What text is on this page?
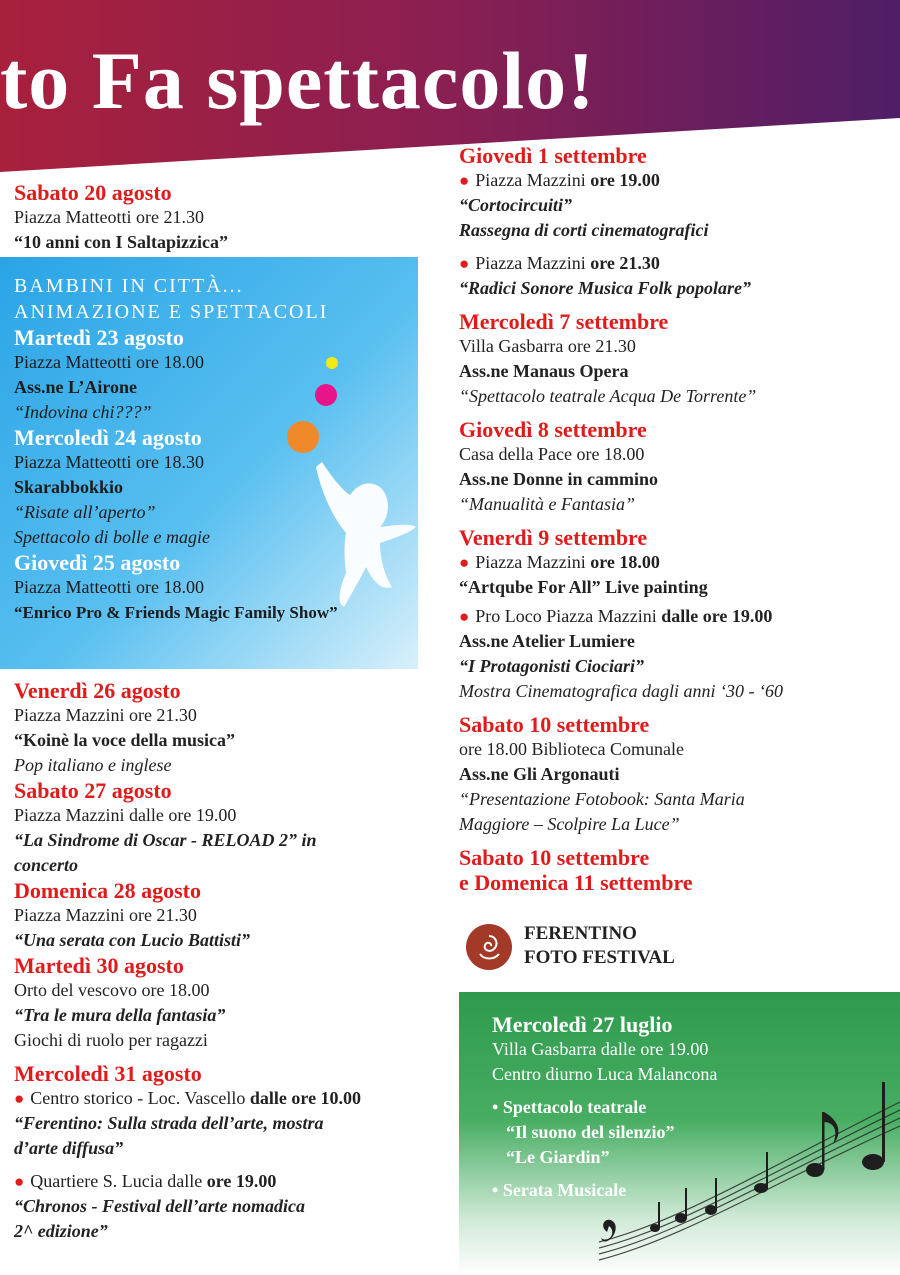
to Fa spettacolo!
Sabato 20 agosto
Piazza Matteotti ore 21.30
“10 anni con I Saltapizzica”
BAMBINI IN CITTÀ...
ANIMAZIONE E SPETTACOLI
Martedì 23 agosto
Piazza Matteotti ore 18.00
Ass.ne L’Airone
“Indovina chi???”
Mercoledì 24 agosto
Piazza Matteotti ore 18.30
Skarabbokkio
“Risate all’aperto”
Spettacolo di bolle e magie
Giovedì 25 agosto
Piazza Matteotti ore 18.00
“Enrico Pro & Friends Magic Family Show”
Venerdì 26 agosto
Piazza Mazzini ore 21.30
“Koinè la voce della musica”
Pop italiano e inglese
Sabato 27 agosto
Piazza Mazzini dalle ore 19.00
“La Sindrome di Oscar - RELOAD 2” in
concerto
Domenica 28 agosto
Piazza Mazzini ore 21.30
“Una serata con Lucio Battisti”
Martedì 30 agosto
Orto del vescovo ore 18.00
“Tra le mura della fantasia”
Giochi di ruolo per ragazzi
Mercoledì 31 agosto
● Centro storico - Loc. Vascello dalle ore 10.00
“Ferentino: Sulla strada dell’arte, mostra
d’arte diffusa”
● Quartiere S. Lucia dalle ore 19.00
“Chronos - Festival dell’arte nomadica
2^ edizione”
Giovedì 1 settembre
● Piazza Mazzini ore 19.00
“Cortocircuiti”
Rassegna di corti cinematografici
● Piazza Mazzini ore 21.30
“Radici Sonore Musica Folk popolare”
Mercoledì 7 settembre
Villa Gasbarra ore 21.30
Ass.ne Manaus Opera
“Spettacolo teatrale Acqua De Torrente”
Giovedì 8 settembre
Casa della Pace ore 18.00
Ass.ne Donne in cammino
“Manualità e Fantasia”
Venerdì 9 settembre
● Piazza Mazzini ore 18.00
“Artqube For All” Live painting
● Pro Loco Piazza Mazzini dalle ore 19.00
Ass.ne Atelier Lumiere
“I Protagonisti Ciociari”
Mostra Cinematografica dagli anni ‘30 - ‘60
Sabato 10 settembre
ore 18.00 Biblioteca Comunale
Ass.ne Gli Argonauti
“Presentazione Fotobook: Santa Maria
Maggiore – Scolpire La Luce”
Sabato 10 settembre
e Domenica 11 settembre
FERENTINO
FOTO FESTIVAL
Mercoledì 27 luglio
Villa Gasbarra dalle ore 19.00
Centro diurno Luca Malancona
• Spettacolo teatrale
“Il suono del silenzio”
“Le Giardin”
• Serata Musicale
